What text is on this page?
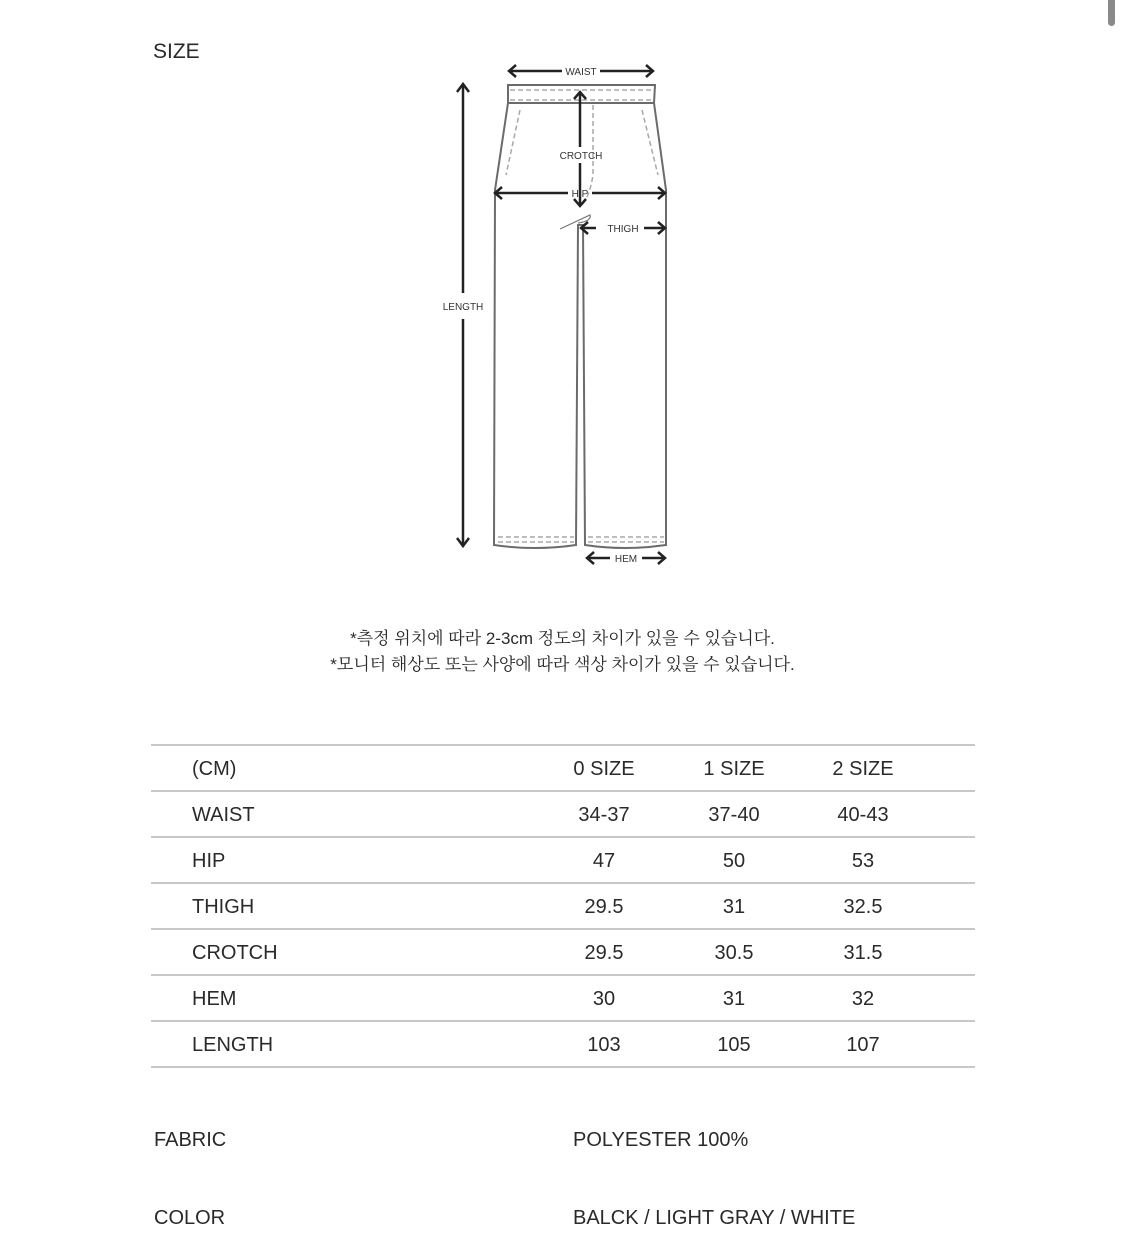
SIZE
WAIST
CROTCH
HIP
THIGH
LENGTH
HEM
*측정 위치에 따라 2-3cm 정도의 차이가 있을 수 있습니다.
*모니터 해상도 또는 사양에 따라 색상 차이가 있을 수 있습니다.
(CM)	0 SIZE	1 SIZE	2 SIZE
WAIST	34-37	37-40	40-43
HIP	47	50	53
THIGH	29.5	31	32.5
CROTCH	29.5	30.5	31.5
HEM	30	31	32
LENGTH	103	105	107
FABRIC	POLYESTER 100%
COLOR	BALCK / LIGHT GRAY / WHITE
